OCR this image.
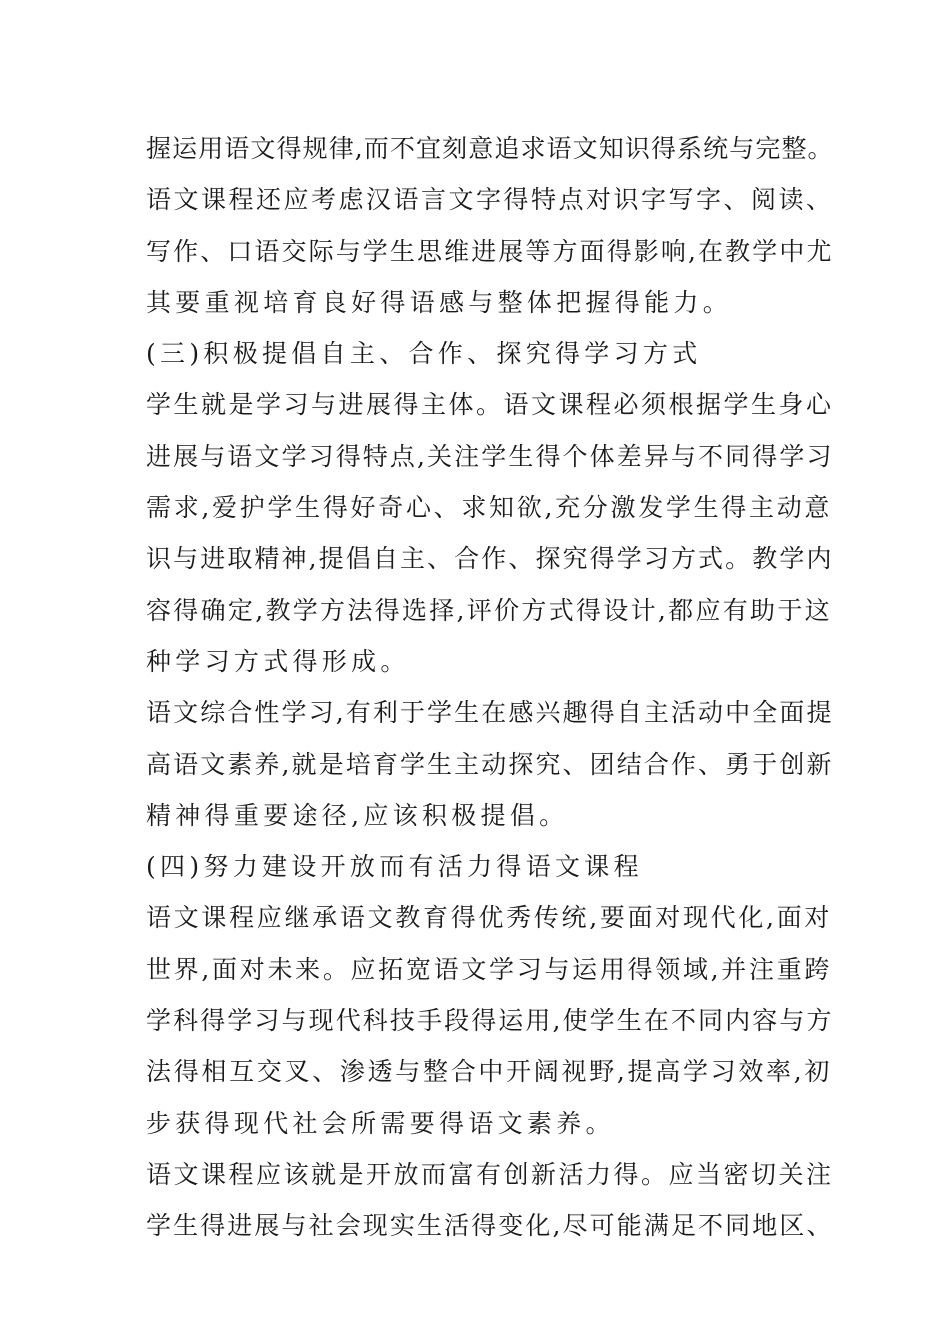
握运用语文得规律,而不宜刻意追求语文知识得系统与完整。
语文课程还应考虑汉语言文字得特点对识字写字、阅读、
写作、口语交际与学生思维进展等方面得影响,在教学中尤
其要重视培育良好得语感与整体把握得能力。
(三)积极提倡自主、合作、探究得学习方式
学生就是学习与进展得主体。语文课程必须根据学生身心
进展与语文学习得特点,关注学生得个体差异与不同得学习
需求,爱护学生得好奇心、求知欲,充分激发学生得主动意
识与进取精神,提倡自主、合作、探究得学习方式。教学内
容得确定,教学方法得选择,评价方式得设计,都应有助于这
种学习方式得形成。
语文综合性学习,有利于学生在感兴趣得自主活动中全面提
高语文素养,就是培育学生主动探究、团结合作、勇于创新
精神得重要途径,应该积极提倡。
(四)努力建设开放而有活力得语文课程
语文课程应继承语文教育得优秀传统,要面对现代化,面对
世界,面对未来。应拓宽语文学习与运用得领域,并注重跨
学科得学习与现代科技手段得运用,使学生在不同内容与方
法得相互交叉、渗透与整合中开阔视野,提高学习效率,初
步获得现代社会所需要得语文素养。
语文课程应该就是开放而富有创新活力得。应当密切关注
学生得进展与社会现实生活得变化,尽可能满足不同地区、
